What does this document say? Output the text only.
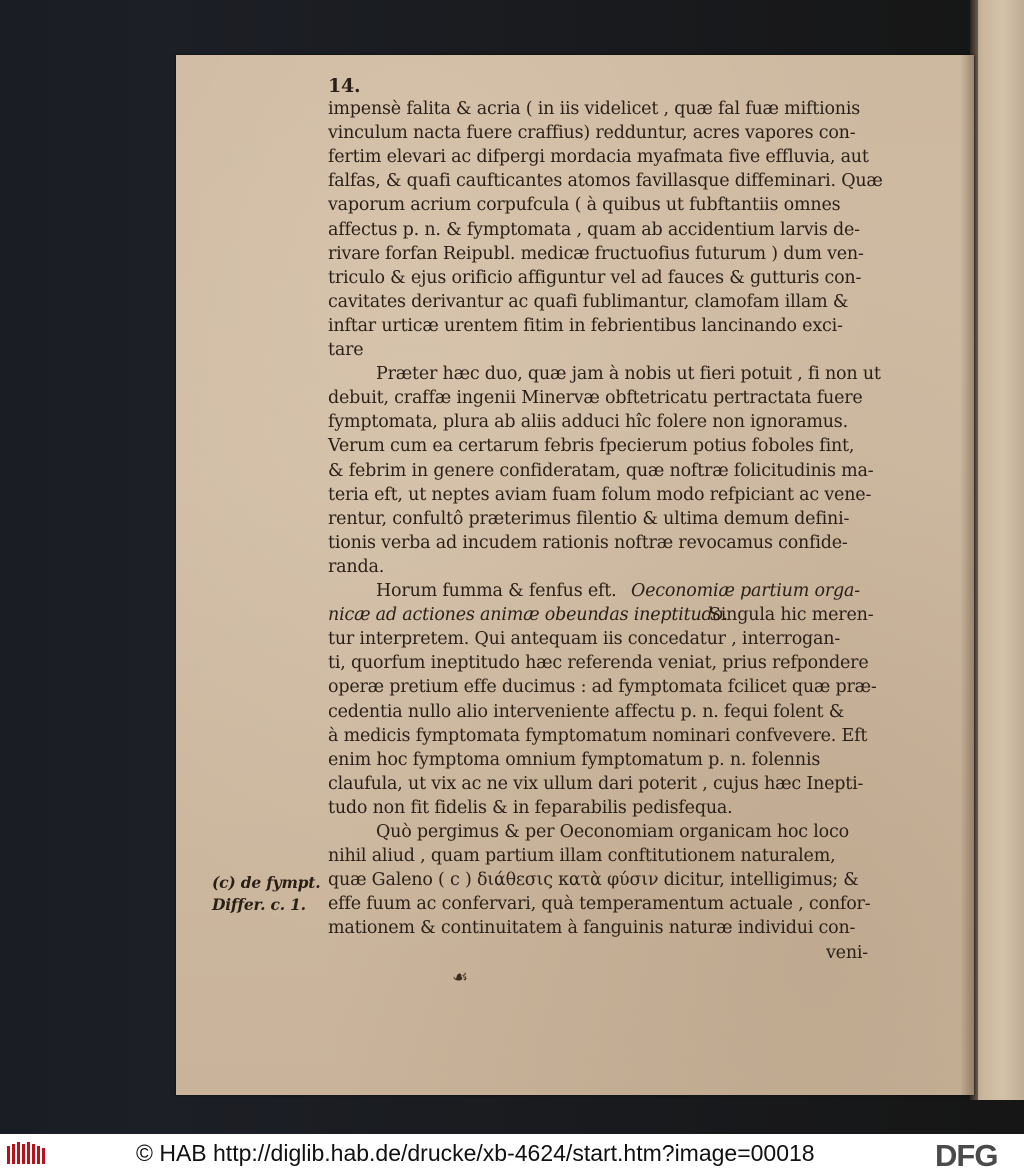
14.
impensè falita & acria ( in iis videlicet , quæ fal fuæ miftionis
vinculum nacta fuere craffius) redduntur, acres vapores con-
fertim elevari ac difpergi mordacia myafmata five effluvia, aut
falfas, & quafi caufticantes atomos favillasque diffeminari. Quæ
vaporum acrium corpufcula ( à quibus ut fubftantiis omnes
affectus p. n. & fymptomata , quam ab accidentium larvis de-
rivare forfan Reipubl. medicæ fructuofius futurum ) dum ven-
triculo & ejus orificio affiguntur vel ad fauces & gutturis con-
cavitates derivantur ac quafi fublimantur, clamofam illam &
inftar urticæ urentem fitim in febrientibus lancinando exci-
tare
Præter hæc duo, quæ jam à nobis ut fieri potuit , fi non ut
debuit, craffæ ingenii Minervæ obftetricatu pertractata fuere
fymptomata, plura ab aliis adduci hîc folere non ignoramus.
Verum cum ea certarum febris fpecierum potius foboles fint,
& febrim in genere confideratam, quæ noftræ folicitudinis ma-
teria eft, ut neptes aviam fuam folum modo refpiciant ac vene-
rentur, confultô præterimus filentio & ultima demum defini-
tionis verba ad incudem rationis noftræ revocamus confide-
randa.
Horum fumma & fenfus eft.
nicæ ad actiones animæ obeundas ineptitudo.
tur interpretem. Qui antequam iis concedatur , interrogan-
ti, quorfum ineptitudo hæc referenda veniat, prius refpondere
operæ pretium effe ducimus : ad fymptomata fcilicet quæ præ-
cedentia nullo alio interveniente affectu p. n. fequi folent &
à medicis fymptomata fymptomatum nominari confvevere. Eft
enim hoc fymptoma omnium fymptomatum p. n. folennis
claufula, ut vix ac ne vix ullum dari poterit , cujus hæc Inepti-
tudo non fit fidelis & in feparabilis pedisfequa.
Quò pergimus & per Oeconomiam organicam hoc loco
nihil aliud , quam partium illam conftitutionem naturalem,
quæ Galeno ( c ) διάθεσις κατὰ φύσιν dicitur, intelligimus; &
effe fuum ac confervari, quà temperamentum actuale , confor-
mationem & continuitatem à fanguinis naturæ individui con-
veni-
Oeconomiæ partium orga-
Singula hic meren-
(c) de fympt.
Differ. c. 1.
☙
© HAB http://diglib.hab.de/drucke/xb-4624/start.htm?image=00018	DFG
